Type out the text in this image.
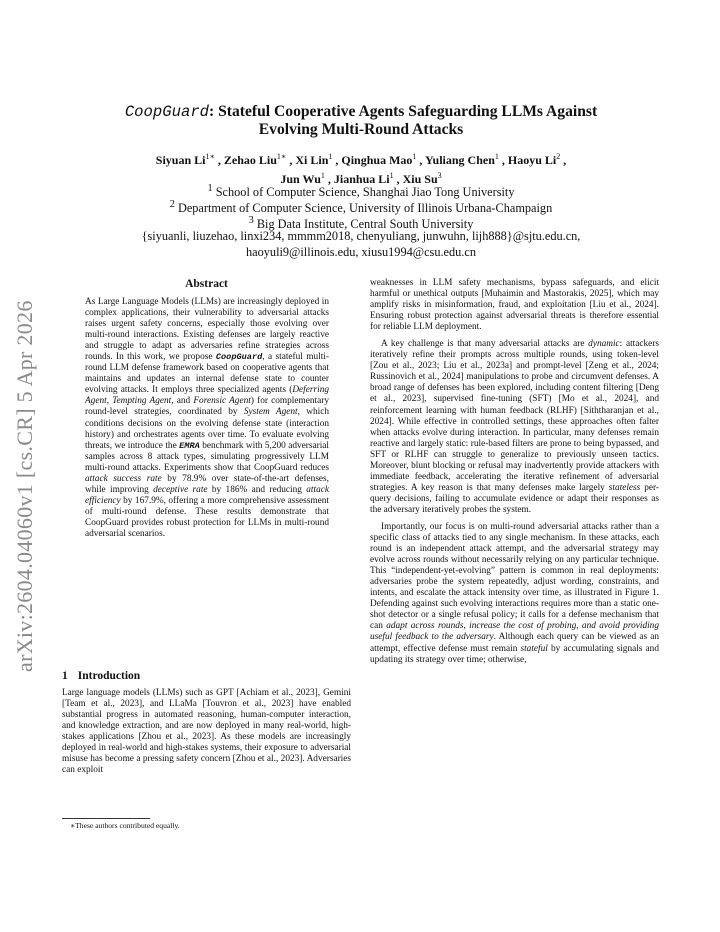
arXiv:2604.04060v1 [cs.CR] 5 Apr 2026
CoopGuard: Stateful Cooperative Agents Safeguarding LLMs Against
Evolving Multi-Round Attacks
Siyuan $Li^{1∗}$ , Zehao Liu$^{1∗}$ , Xi Lin$^1$ , Qinghua Mao$^1$ , Yuliang Chen$^1$ , Haoyu Li$^2$ ,
Jun Wu$^1$ , Jianhua Li$^1$ , Xiu Su$^3$
$^1$ School of Computer Science, Shanghai Jiao Tong University
$^2$ Department of Computer Science, University of Illinois Urbana-Champaign
$^3$ Big Data Institute, Central South University
{siyuanli, liuzehao, linxi234, mmmm2018, chenyuliang, junwuhn, lijh888}@sjtu.edu.cn,
haoyuli9@illinois.edu, xiusu1994@csu.edu.cn
Abstract

As Large Language Models (LLMs) are increasingly deployed in complex applications, their vulnerability to adversarial attacks raises urgent safety concerns, especially those evolving over multi-round interactions. Existing defenses are largely reactive and struggle to adapt as adversaries refine strategies across rounds. In this work, we propose CoopGuard, a stateful multi-round LLM defense framework based on cooperative agents that maintains and updates an internal defense state to counter evolving attacks. It employs three specialized agents (Deferring Agent, Tempting Agent, and Forensic Agent) for complementary round-level strategies, coordinated by System Agent, which conditions decisions on the evolving defense state (interaction history) and orchestrates agents over time. To evaluate evolving threats, we introduce the EMRA benchmark with 5,200 adversarial samples across 8 attack types, simulating progressively LLM multi-round attacks. Experiments show that CoopGuard reduces attack success rate by 78.9% over state-of-the-art defenses, while improving deceptive rate by 186% and reducing attack efficiency by 167.9%, offering a more comprehensive assessment of multi-round defense. These results demonstrate that CoopGuard provides robust protection for LLMs in multi-round adversarial scenarios.

1 Introduction

Large language models (LLMs) such as GPT [Achiam et al., 2023], Gemini [Team et al., 2023], and LLaMa [Touvron et al., 2023] have enabled substantial progress in automated reasoning, human-computer interaction, and knowledge extraction, and are now deployed in many real-world, high-stakes applications [Zhou et al., 2023]. As these models are increasingly deployed in real-world and high-stakes systems, their exposure to adversarial misuse has become a pressing safety concern [Zhou et al., 2023]. Adversaries can exploit

∗These authors contributed equally.

weaknesses in LLM safety mechanisms, bypass safeguards, and elicit harmful or unethical outputs [Muhaimin and Mastorakis, 2025], which may amplify risks in misinformation, fraud, and exploitation [Liu et al., 2024]. Ensuring robust protection against adversarial threats is therefore essential for reliable LLM deployment.

A key challenge is that many adversarial attacks are dynamic: attackers iteratively refine their prompts across multiple rounds, using token-level [Zou et al., 2023; Liu et al., 2023a] and prompt-level [Zeng et al., 2024; Russinovich et al., 2024] manipulations to probe and circumvent defenses. A broad range of defenses has been explored, including content filtering [Deng et al., 2023], supervised fine-tuning (SFT) [Mo et al., 2024], and reinforcement learning with human feedback (RLHF) [Siththaranjan et al., 2024]. While effective in controlled settings, these approaches often falter when attacks evolve during interaction. In particular, many defenses remain reactive and largely static: rule-based filters are prone to being bypassed, and SFT or RLHF can struggle to generalize to previously unseen tactics. Moreover, blunt blocking or refusal may inadvertently provide attackers with immediate feedback, accelerating the iterative refinement of adversarial strategies. A key reason is that many defenses make largely stateless per-query decisions, failing to accumulate evidence or adapt their responses as the adversary iteratively probes the system.

Importantly, our focus is on multi-round adversarial attacks rather than a specific class of attacks tied to any single mechanism. In these attacks, each round is an independent attack attempt, and the adversarial strategy may evolve across rounds without necessarily relying on any particular technique. This “independent-yet-evolving” pattern is common in real deployments: adversaries probe the system repeatedly, adjust wording, constraints, and intents, and escalate the attack intensity over time, as illustrated in Figure 1. Defending against such evolving interactions requires more than a static one-shot detector or a single refusal policy; it calls for a defense mechanism that can adapt across rounds, increase the cost of probing, and avoid providing useful feedback to the adversary. Although each query can be viewed as an attempt, effective defense must remain stateful by accumulating signals and updating its strategy over time; otherwise,
